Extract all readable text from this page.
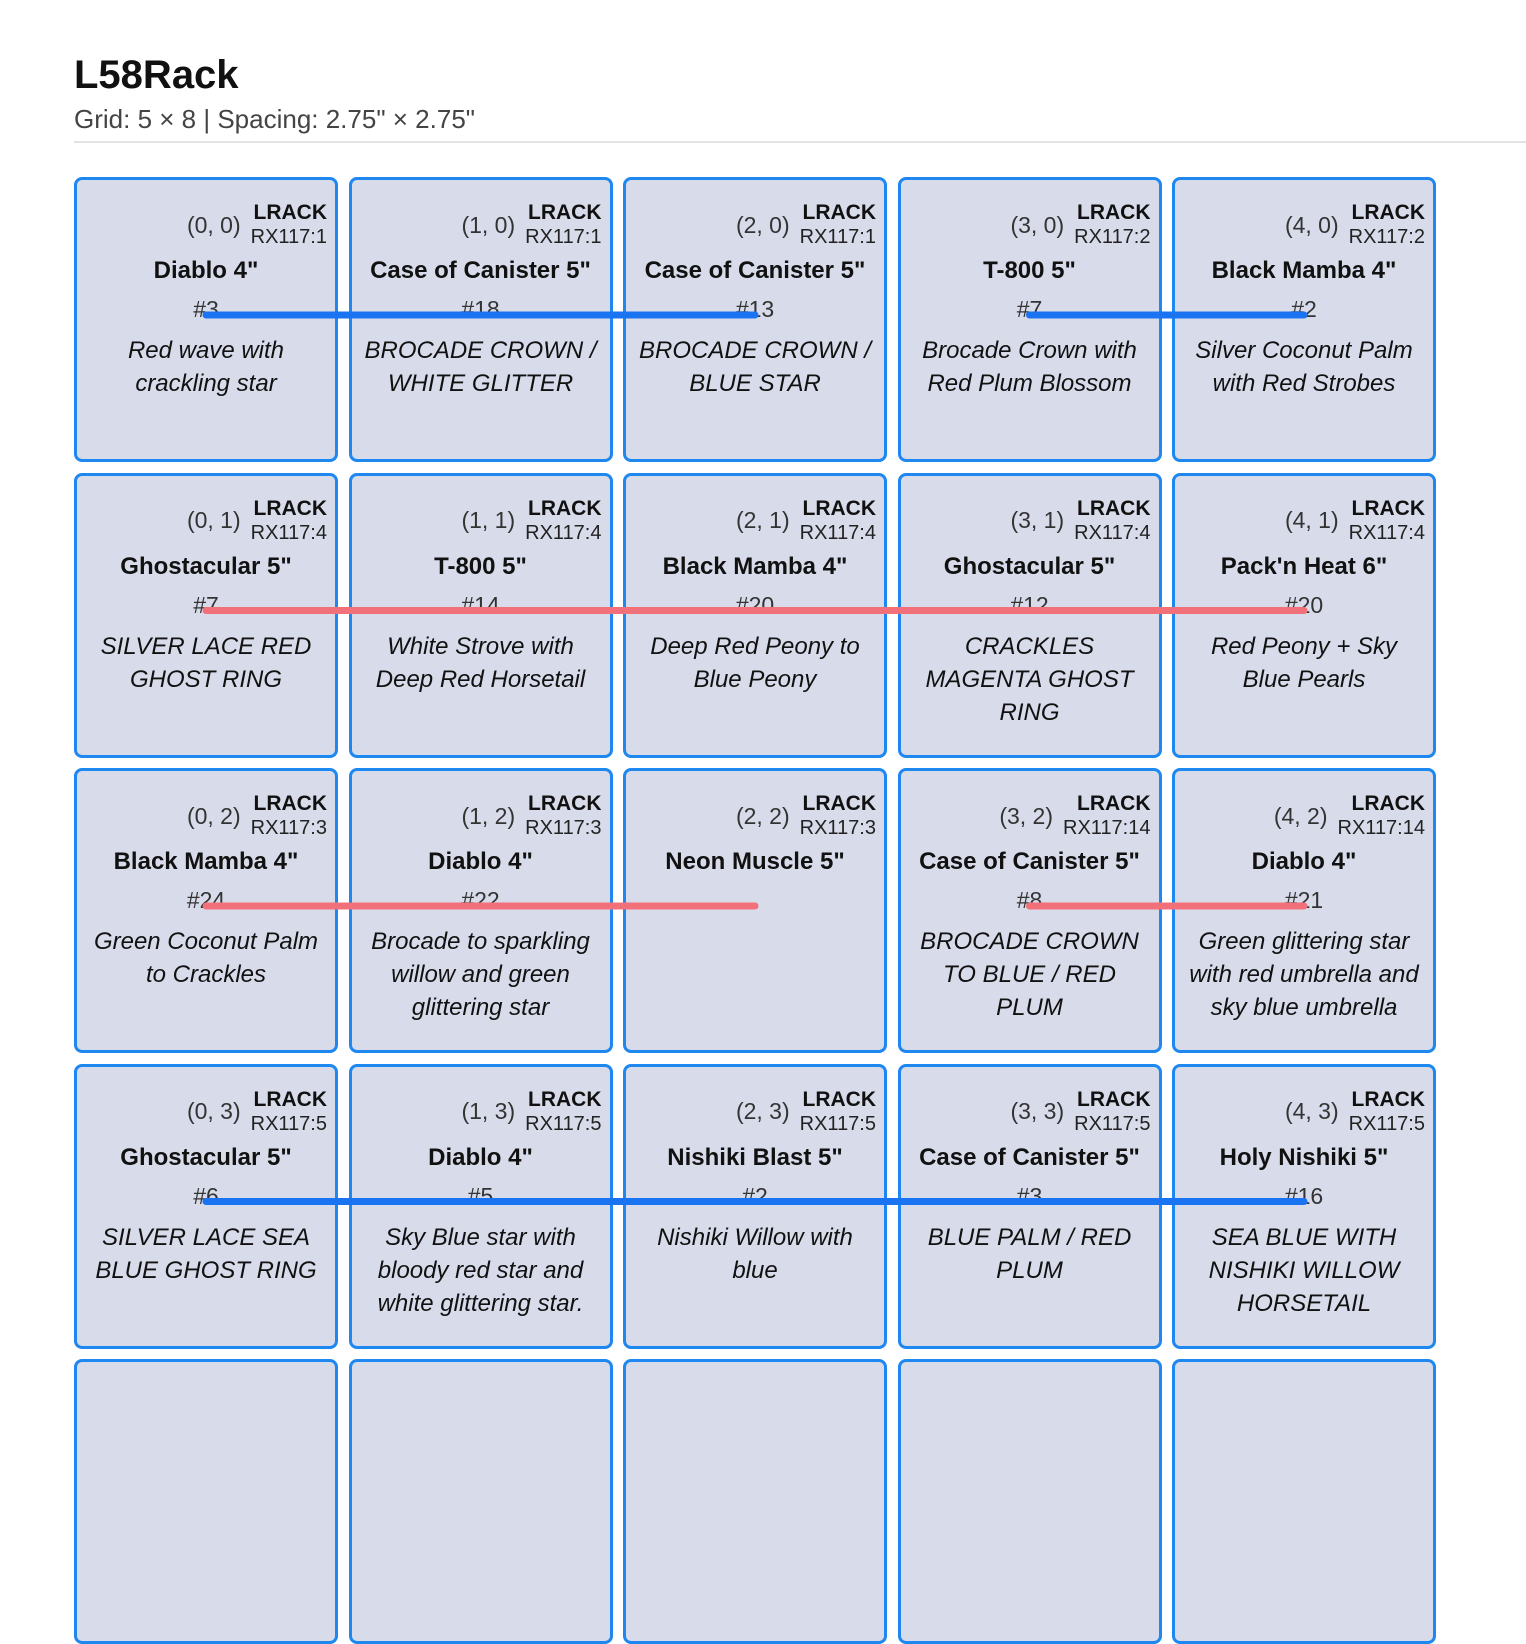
L58Rack
Grid: 5 × 8 | Spacing: 2.75" × 2.75"
(0, 0) LRACK
RX117:1
Diablo 4"
#3
Red wave with crackling star
(1, 0) LRACK
RX117:1
Case of Canister 5"
#18
BROCADE CROWN / WHITE GLITTER
(2, 0) LRACK
RX117:1
Case of Canister 5"
#13
BROCADE CROWN / BLUE STAR
(3, 0) LRACK
RX117:2
T-800 5"
#7
Brocade Crown with Red Plum Blossom
(4, 0) LRACK
RX117:2
Black Mamba 4"
#2
Silver Coconut Palm with Red Strobes
(0, 1) LRACK
RX117:4
Ghostacular 5"
#7
SILVER LACE RED GHOST RING
(1, 1) LRACK
RX117:4
T-800 5"
#14
White Strove with Deep Red Horsetail
(2, 1) LRACK
RX117:4
Black Mamba 4"
#20
Deep Red Peony to Blue Peony
(3, 1) LRACK
RX117:4
Ghostacular 5"
#12
CRACKLES MAGENTA GHOST RING
(4, 1) LRACK
RX117:4
Pack'n Heat 6"
#20
Red Peony + Sky Blue Pearls
(0, 2) LRACK
RX117:3
Black Mamba 4"
#24
Green Coconut Palm to Crackles
(1, 2) LRACK
RX117:3
Diablo 4"
#22
Brocade to sparkling willow and green glittering star
(2, 2) LRACK
RX117:3
Neon Muscle 5"
(3, 2)	LRACK
RX117:14
Case of Canister 5"
#8
BROCADE CROWN TO BLUE / RED PLUM
(4, 2)	LRACK
RX117:14
Diablo 4"
#21
Green glittering star with red umbrella and sky blue umbrella
(0, 3) LRACK
RX117:5
Ghostacular 5"
#6
SILVER LACE SEA BLUE GHOST RING
(1, 3) LRACK
RX117:5
Diablo 4"
#5
Sky Blue star with bloody red star and white glittering star.
(2, 3) LRACK
RX117:5
Nishiki Blast 5"
#2
Nishiki Willow with blue
(3, 3) LRACK
RX117:5
Case of Canister 5"
#3
BLUE PALM / RED PLUM
(4, 3) LRACK
RX117:5
Holy Nishiki 5"
#16
SEA BLUE WITH NISHIKI WILLOW HORSETAIL
